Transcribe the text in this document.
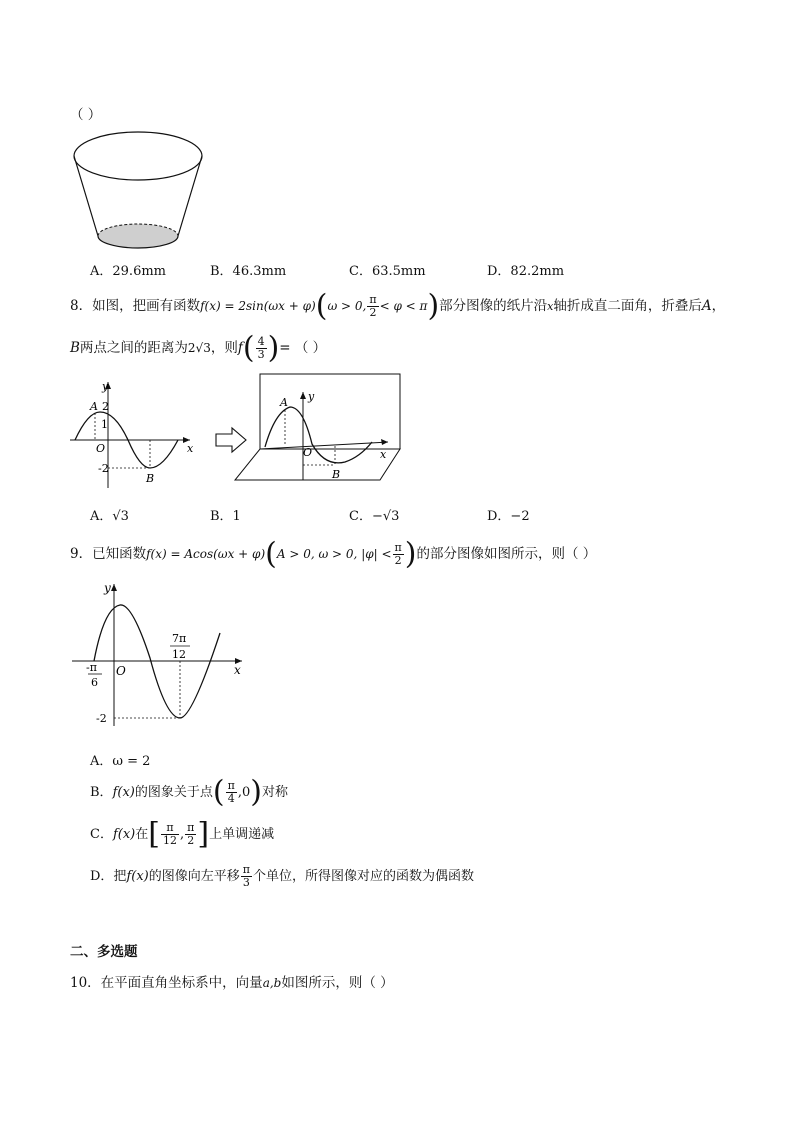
（ ）
A．29.6mm	B．46.3mm	C．63.5mm	D．82.2mm
8．如图，把画有函数f(x) = 2sin(ωx + φ)(ω > 0, $\frac{\pi}{2} < \varphi < \pi$)部分图像的纸片沿x轴折成直二面角，折叠后A，
B两点之间的距离为2√3，则$f( \frac{4}{3}$ )= （ ）
y
x
A 2
1
O
-2
B
y
x
A
O
B
A．√3	B．1	C．−√3	D．−2
9．已知函数f(x) = Acos(ωx + φ)(A > 0, ω > 0, $|\varphi| < \frac{\pi}{2}$ )的部分图像如图所示，则（ ）
y
x
O
-π
6
7π
12
-2
A．ω = 2
B．f(x)的图象关于点( $\frac{\pi}{4} ,0$)对称
C．f(x)在[ $\frac{\pi}{12}$ , $\frac{\pi}{2}$ ]上单调递减
D．把f(x)的图像向左平移 $\frac{\pi}{3}$ 个单位，所得图像对应的函数为偶函数
二、多选题
10．在平面直角坐标系中，向量a,b如图所示，则（ ）
